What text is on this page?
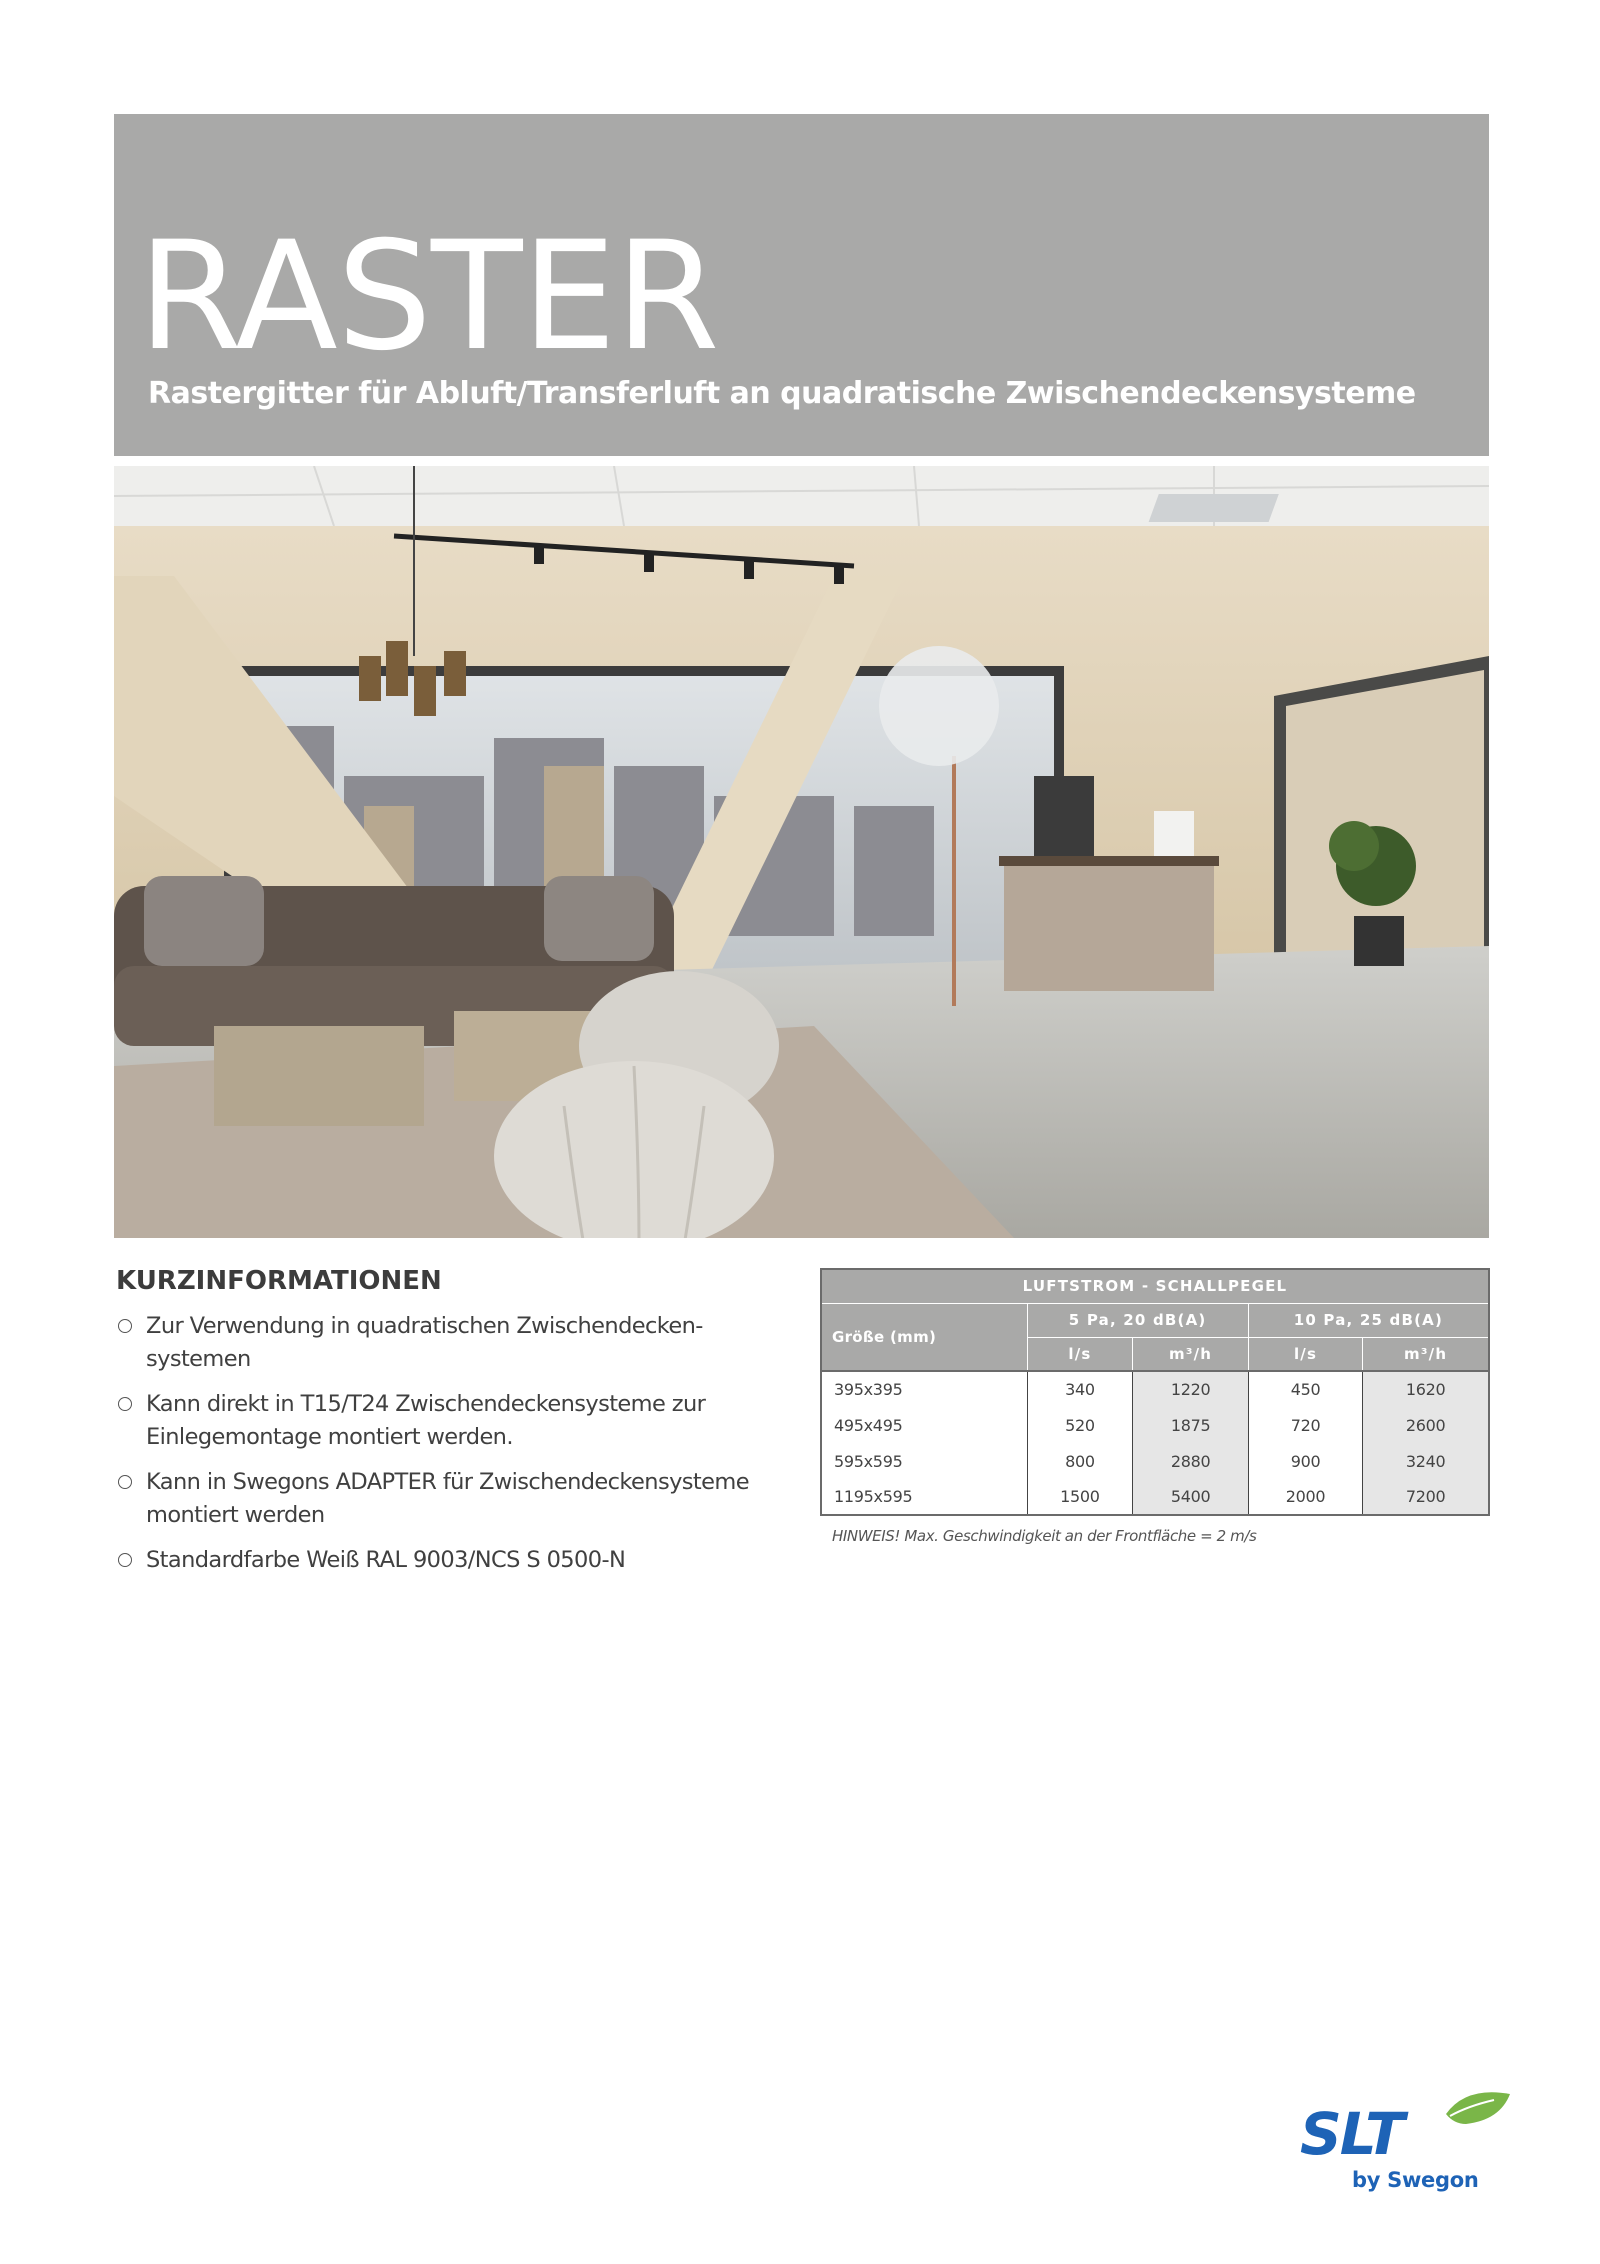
RASTER
Rastergitter für Abluft/Transferluft an quadratische Zwischendeckensysteme
KURZINFORMATIONEN
Zur Verwendung in quadratischen Zwischendecken-systemen
Kann direkt in T15/T24 Zwischendeckensysteme zur Einlegemontage montiert werden.
Kann in Swegons ADAPTER für Zwischendeckensysteme montiert werden
Standardfarbe Weiß RAL 9003/NCS S 0500-N
LUFTSTROM - SCHALLPEGEL				
Größe (mm)	5 Pa, 20 dB(A)		10 Pa, 25 dB(A)	
	l/s	m³/h	l/s	m³/h
395x395	340	1220	450	1620
495x495	520	1875	720	2600
595x595	800	2880	900	3240
1195x595	1500	5400	2000	7200
HINWEIS! Max. Geschwindigkeit an der Frontfläche = 2 m/s
SLT
by Swegon
